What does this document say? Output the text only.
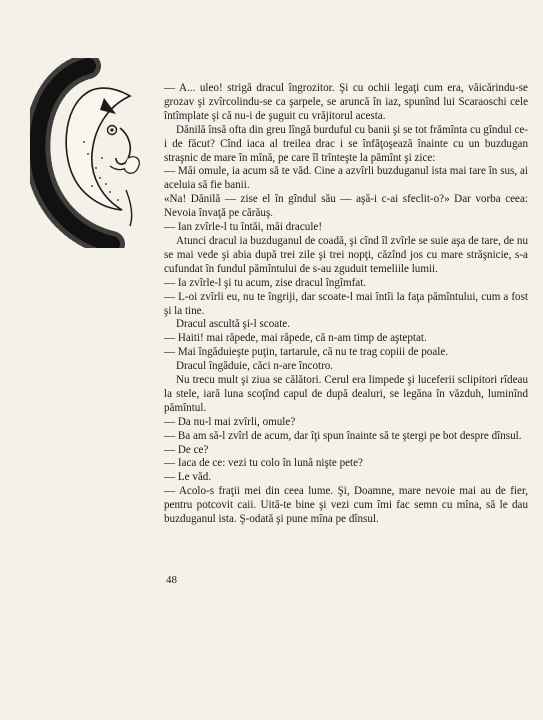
— A... uleo! strigă dracul îngrozitor. Şi cu ochii legaţi cum era, văicărindu-se grozav şi zvîrcolindu-se ca şarpele, se aruncă în iaz, spunînd lui Scaraoschi cele întîmplate şi că nu-i de şuguit cu vrăjitorul acesta.

Dănilă însă ofta din greu lîngă burduful cu banii şi se tot frămînta cu gîndul ce-i de făcut? Cînd iaca al treilea drac i se înfăţoşează înainte cu un buzdugan straşnic de mare în mînă, pe care îl trînteşte la pămînt şi zice:

— Măi omule, ia acum să te văd. Cine a azvîrli buzduganul ista mai tare în sus, ai aceluia să fie banii.

«Na! Dănilă — zise el în gîndul său — aşă-i c-ai sfeclit-o?» Dar vorba ceea: Nevoia învaţă pe cărăuş.

— Ian zvîrle-l tu întăi, măi dracule!

Atunci dracul ia buzduganul de coadă, şi cînd îl zvîrle se suie aşa de tare, de nu se mai vede şi abia după trei zile şi trei nopţi, căzînd jos cu mare străşnicie, s-a cufundat în fundul pămîntului de s-au zguduit temeliile lumii.

— Ia zvîrle-l şi tu acum, zise dracul îngîmfat.

— L-oi zvîrli eu, nu te îngriji, dar scoate-l mai întîi la faţa pămîntului, cum a fost şi la tine.

Dracul ascultă şi-l scoate.

— Haiti! mai răpede, mai răpede, că n-am timp de aşteptat.

— Mai îngăduieşte puţin, tartarule, că nu te trag copiii de poale.

Dracul îngăduie, căci n-are încotro.

Nu trecu mult şi ziua se călători. Cerul era limpede şi luceferii sclipitori rîdeau la stele, iară luna scoţînd capul de după dealuri, se legăna în văzduh, luminînd pămîntul.

— Da nu-l mai zvîrli, omule?

— Ba am să-l zvîrl de acum, dar îţi spun înainte să te ştergi pe bot despre dînsul.

— De ce?

— Iaca de ce: vezi tu colo în lună nişte pete?

— Le văd.

— Acolo-s fraţii mei din ceea lume. Şi, Doamne, mare nevoie mai au de fier, pentru potcovit caii. Uită-te bine şi vezi cum îmi fac semn cu mîna, să le dau buzduganul ista. Ş-odată şi pune mîna pe dînsul.

48
